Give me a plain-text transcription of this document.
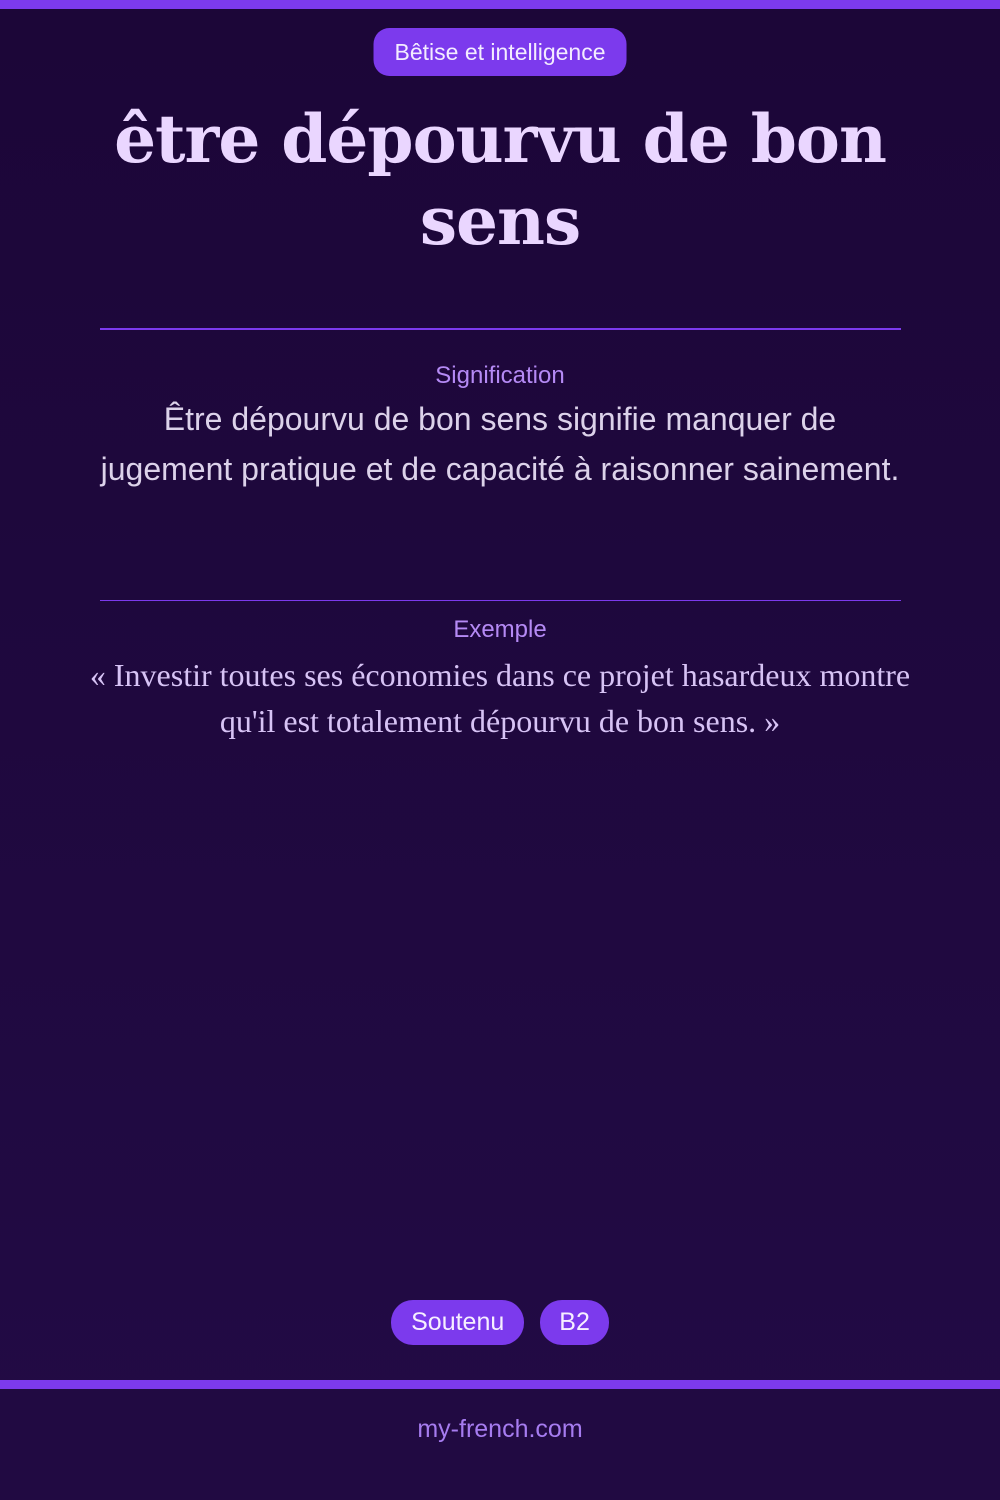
Bêtise et intelligence
être dépourvu de bon sens
Signification
Être dépourvu de bon sens signifie manquer de jugement pratique et de capacité à raisonner sainement.
Exemple
« Investir toutes ses économies dans ce projet hasardeux montre qu'il est totalement dépourvu de bon sens. »
Soutenu	B2
my-french.com
